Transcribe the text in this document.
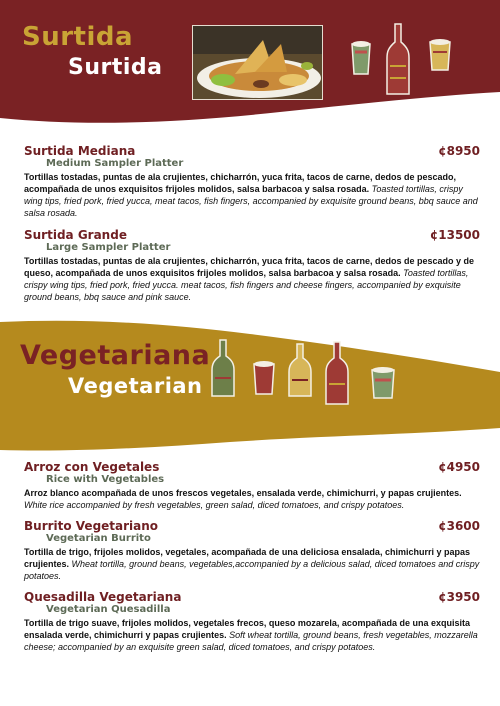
Surtida
Surtida
Surtida Mediana	¢8950
Medium Sampler Platter
Tortillas tostadas, puntas de ala crujientes, chicharrón, yuca frita, tacos de carne, dedos de pescado, acompañada de unos exquisitos frijoles molidos, salsa barbacoa y salsa rosada. Toasted tortillas, crispy wing tips, fried pork, fried yucca, meat tacos, fish fingers, accompanied by exquisite ground beans, bbq sauce and salsa rosada.
Surtida Grande	¢13500
Large Sampler Platter
Tortillas tostadas, puntas de ala crujientes, chicharrón, yuca frita, tacos de carne, dedos de pescado y de queso, acompañada de unos exquisitos frijoles molidos, salsa barbacoa y salsa rosada. Toasted tortillas, crispy wing tips, fried pork, fried yucca. meat tacos, fish fingers and cheese fingers, accompanied by exquisite ground beans, bbq sauce and pink sauce.
Vegetariana
Vegetarian
Arroz con Vegetales	¢4950
Rice with Vegetables
Arroz blanco acompañada de unos frescos vegetales, ensalada verde, chimichurri, y papas crujientes. White rice accompanied by fresh vegetables, green salad, diced tomatoes, and crispy potatoes.
Burrito Vegetariano	¢3600
Vegetarian Burrito
Tortilla de trigo, frijoles molidos, vegetales, acompañada de una deliciosa ensalada, chimichurri y papas crujientes. Wheat tortilla, ground beans, vegetables,accompanied by a delicious salad, diced tomatoes and crispy potatoes.
Quesadilla Vegetariana	¢3950
Vegetarian Quesadilla
Tortilla de trigo suave, frijoles molidos, vegetales frecos, queso mozarela, acompañada de una exquisita ensalada verde, chimichurri y papas crujientes. Soft wheat tortilla, ground beans, fresh vegetables, mozzarella cheese; accompanied by an exquisite green salad, diced tomatoes, and crispy potatoes.
